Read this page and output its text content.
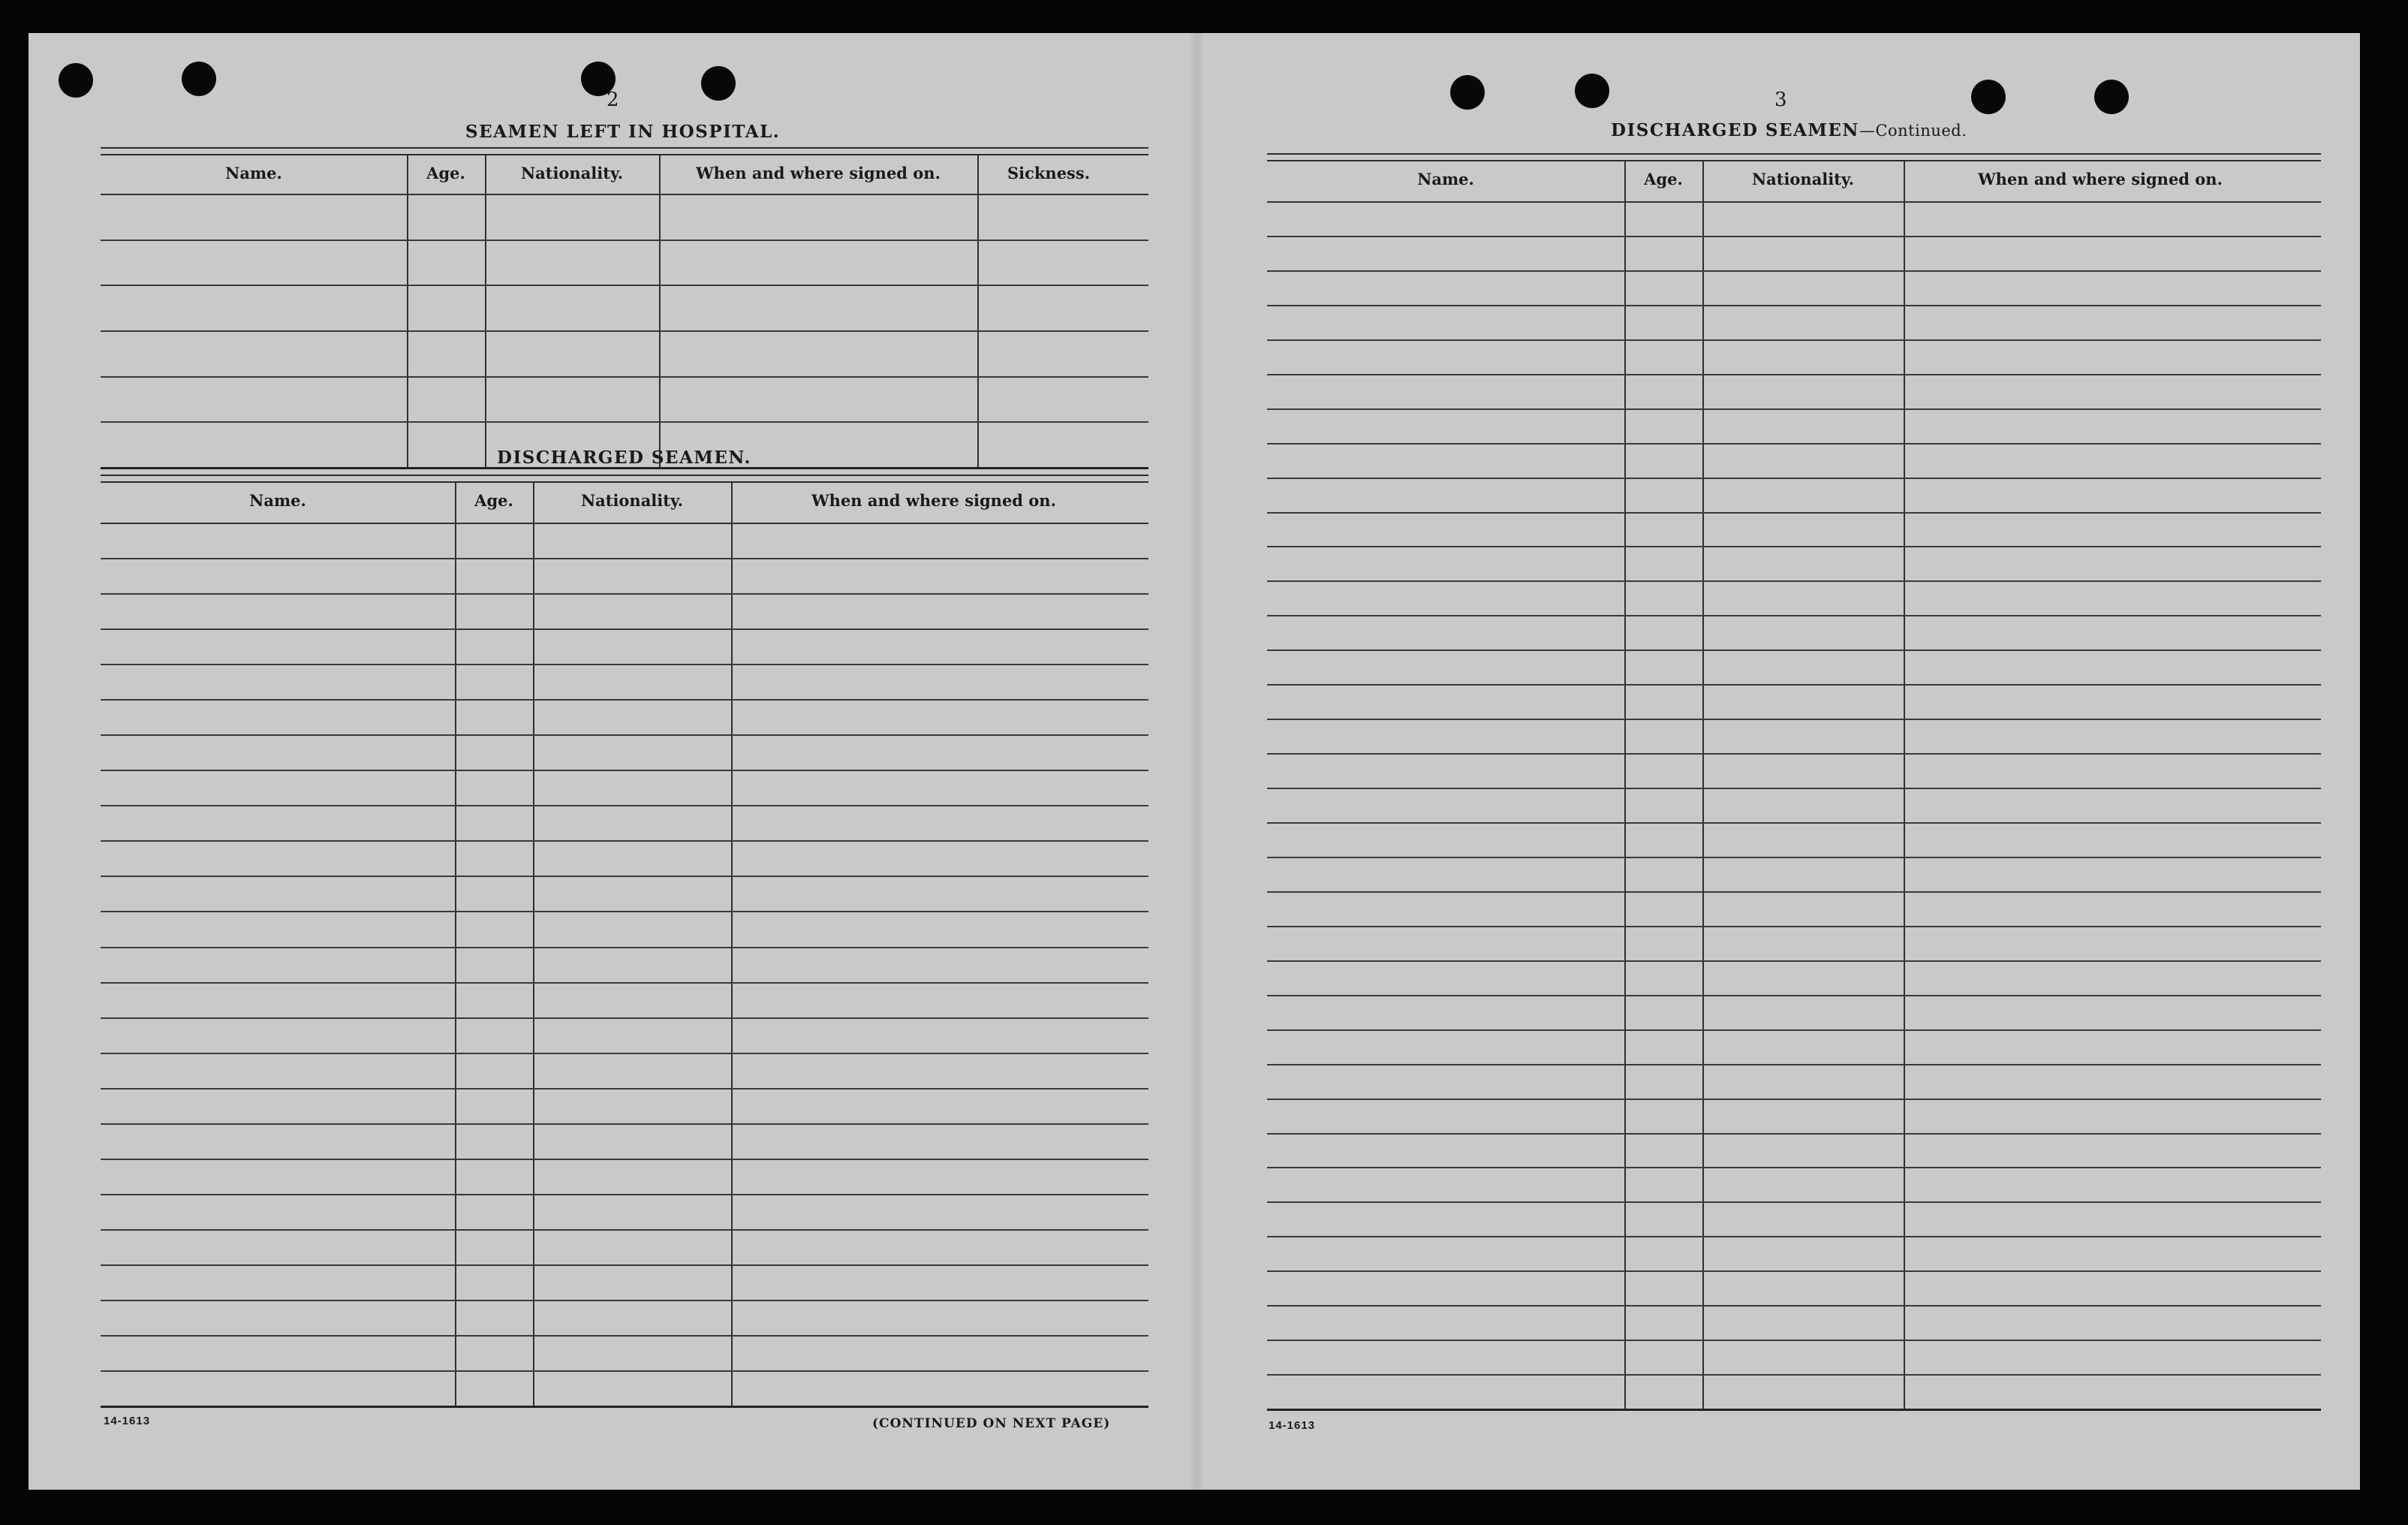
2
SEAMEN LEFT IN HOSPITAL.
Name.	Age.	Nationality.	When and where signed on.	Sickness.
DISCHARGED SEAMEN.
Name.	Age.	Nationality.	When and where signed on.
14-1613	(CONTINUED ON NEXT PAGE)
3
DISCHARGED SEAMEN—Continued.
Name.	Age.	Nationality.	When and where signed on.
14-1613
